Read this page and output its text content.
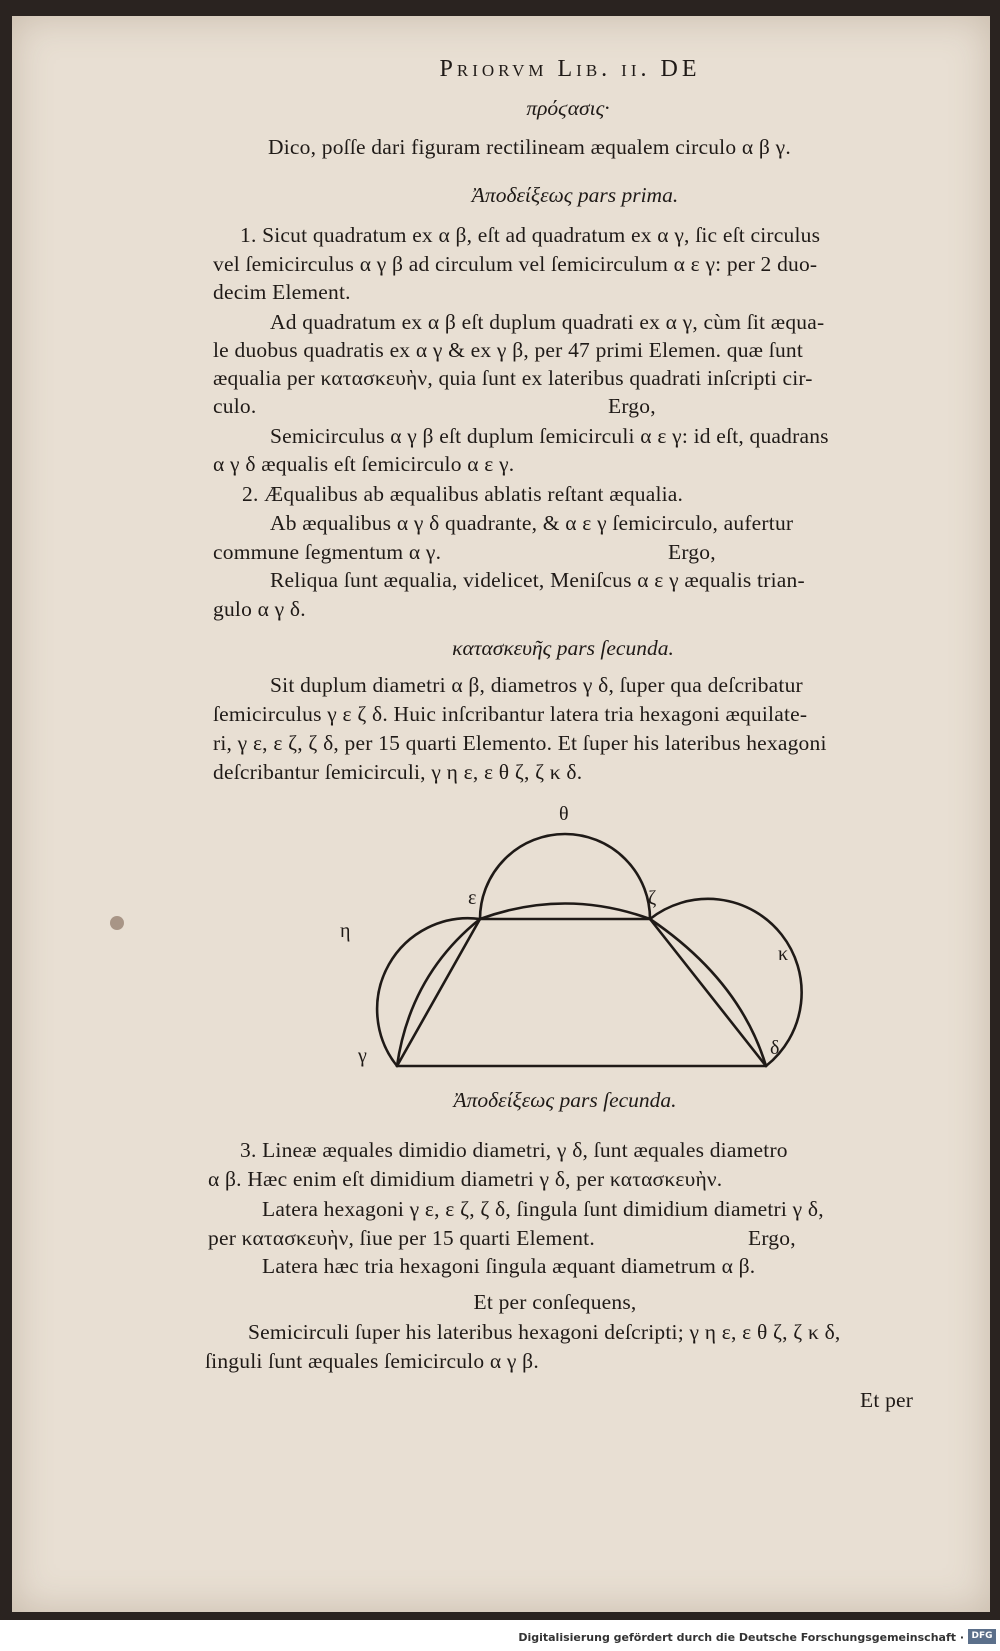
Priorvm Lib. ii. DE
πρόϛασις·
Dico, poſſe dari figuram rectilineam æqualem circulo α β γ.
Ἀποδείξεως pars prima.
1. Sicut quadratum ex α β, eſt ad quadratum ex α γ, ſic eſt circulus
vel ſemicirculus α γ β ad circulum vel ſemicirculum α ε γ: per 2 duo-
decim Element.
Ad quadratum ex α β eſt duplum quadrati ex α γ, cùm ſit æqua-
le duobus quadratis ex α γ & ex γ β, per 47 primi Elemen. quæ ſunt
æqualia per κατασκευὴν, quia ſunt ex lateribus quadrati inſcripti cir-
culo.	Ergo,
Semicirculus α γ β eſt duplum ſemicirculi α ε γ: id eſt, quadrans
α γ δ æqualis eſt ſemicirculo α ε γ.
2. Æqualibus ab æqualibus ablatis reſtant æqualia.
Ab æqualibus α γ δ quadrante, & α ε γ ſemicirculo, aufertur
commune ſegmentum α γ.	Ergo,
Reliqua ſunt æqualia, videlicet, Meniſcus α ε γ æqualis trian-
gulo α γ δ.
κατασκευῆς pars ſecunda.
Sit duplum diametri α β, diametros γ δ, ſuper qua deſcribatur
ſemicirculus γ ε ζ δ. Huic inſcribantur latera tria hexagoni æquilate-
ri, γ ε, ε ζ, ζ δ, per 15 quarti Elemento. Et ſuper his lateribus hexagoni
deſcribantur ſemicirculi, γ η ε, ε θ ζ, ζ κ δ.
θ
ε	ζ
η
κ
γ	δ
Ἀποδείξεως pars ſecunda.
3. Lineæ æquales dimidio diametri, γ δ, ſunt æquales diametro
α β. Hæc enim eſt dimidium diametri γ δ, per κατασκευὴν.
Latera hexagoni γ ε, ε ζ, ζ δ, ſingula ſunt dimidium diametri γ δ,
per κατασκευὴν, ſiue per 15 quarti Element.	Ergo,
Latera hæc tria hexagoni ſingula æquant diametrum α β.
Et per conſequens,
Semicirculi ſuper his lateribus hexagoni deſcripti; γ η ε, ε θ ζ, ζ κ δ,
ſinguli ſunt æquales ſemicirculo α γ β.
Et per
Digitalisierung gefördert durch die Deutsche Forschungsgemeinschaft · DFG
